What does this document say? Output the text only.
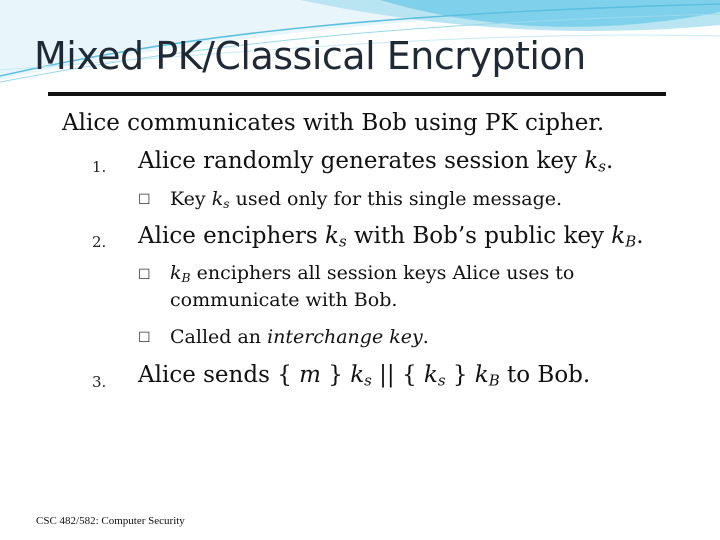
Mixed PK/Classical Encryption
Alice communicates with Bob using PK cipher.
1. Alice randomly generates session key $k_s$.
☐ Key $k_s$ used only for this single message.
2. Alice enciphers $k_s$ with Bob’s public key $k_B$.
☐ $k_B$ enciphers all session keys Alice uses to
communicate with Bob.
☐ Called an interchange key.
3. Alice sends { m } $k_s$ || { $k_s$ } $k_B$ to Bob.
CSC 482/582: Computer Security
